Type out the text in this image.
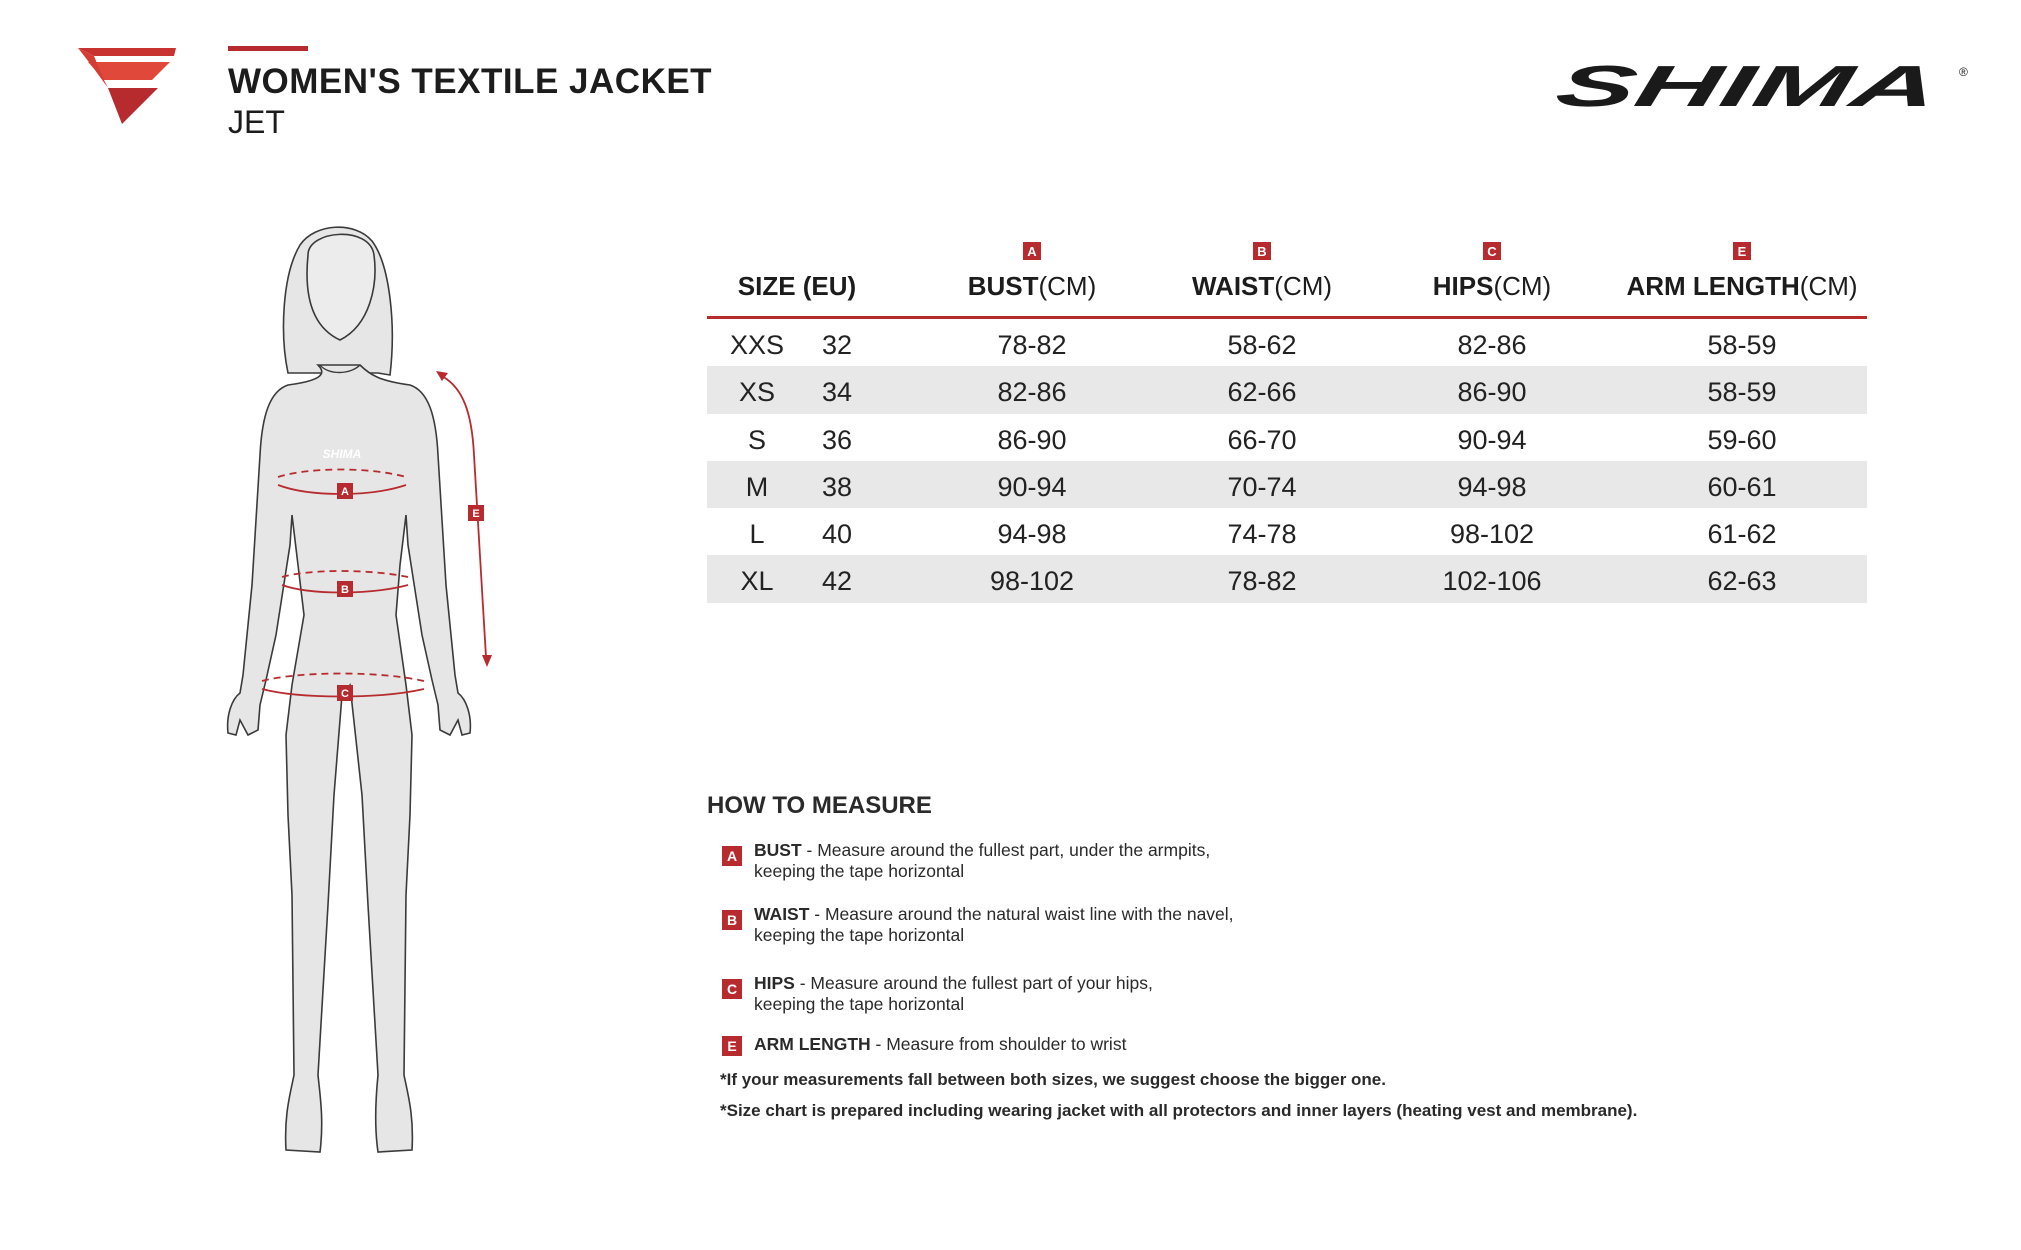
WOMEN'S TEXTILE JACKET
JET
SHIMA	®
SHIMA
A
B
C
E
SIZE (EU)
A
BUST(CM)
B
WAIST(CM)
C
HIPS(CM)
E
ARM LENGTH(CM)
XXS	32	78-82	58-62	82-86	58-59
XS	34	82-86	62-66	86-90	58-59
S	36	86-90	66-70	90-94	59-60
M	38	90-94	70-74	94-98	60-61
L	40	94-98	74-78	98-102	61-62
XL	42	98-102	78-82	102-106	62-63
HOW TO MEASURE
A BUST - Measure around the fullest part, under the armpits,
keeping the tape horizontal
B WAIST - Measure around the natural waist line with the navel,
keeping the tape horizontal
C HIPS - Measure around the fullest part of your hips,
keeping the tape horizontal
E ARM LENGTH - Measure from shoulder to wrist
*If your measurements fall between both sizes, we suggest choose the bigger one.
*Size chart is prepared including wearing jacket with all protectors and inner layers (heating vest and membrane).
